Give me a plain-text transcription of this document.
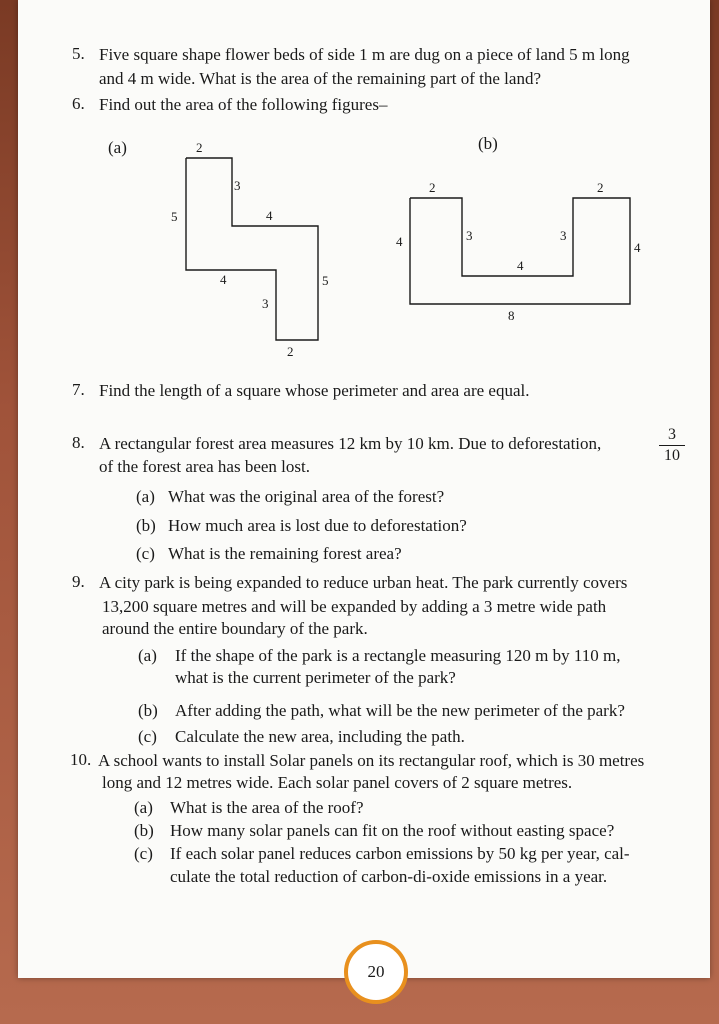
5. Five square shape flower beds of side 1 m are dug on a piece of land 5 m long
and 4 m wide. What is the area of the remaining part of the land?
6. Find out the area of the following figures–
(a)	(b)
2
3
5	4
5
4
3
2
2	2
4	4
3	3
4
8
7. Find the length of a square whose perimeter and area are equal.
8. A rectangular forest area measures 12 km by 10 km. Due to deforestation,	3
10
of the forest area has been lost.
(a) What was the original area of the forest?
(b) How much area is lost due to deforestation?
(c) What is the remaining forest area?
9. A city park is being expanded to reduce urban heat. The park currently covers
13,200 square metres and will be expanded by adding a 3 metre wide path
around the entire boundary of the park.
(a) If the shape of the park is a rectangle measuring 120 m by 110 m,
what is the current perimeter of the park?
(b) After adding the path, what will be the new perimeter of the park?
(c) Calculate the new area, including the path.
10. A school wants to install Solar panels on its rectangular roof, which is 30 metres
long and 12 metres wide. Each solar panel covers of 2 square metres.
(a) What is the area of the roof?
(b) How many solar panels can fit on the roof without easting space?
(c) If each solar panel reduces carbon emissions by 50 kg per year, cal-
culate the total reduction of carbon-di-oxide emissions in a year.
20
